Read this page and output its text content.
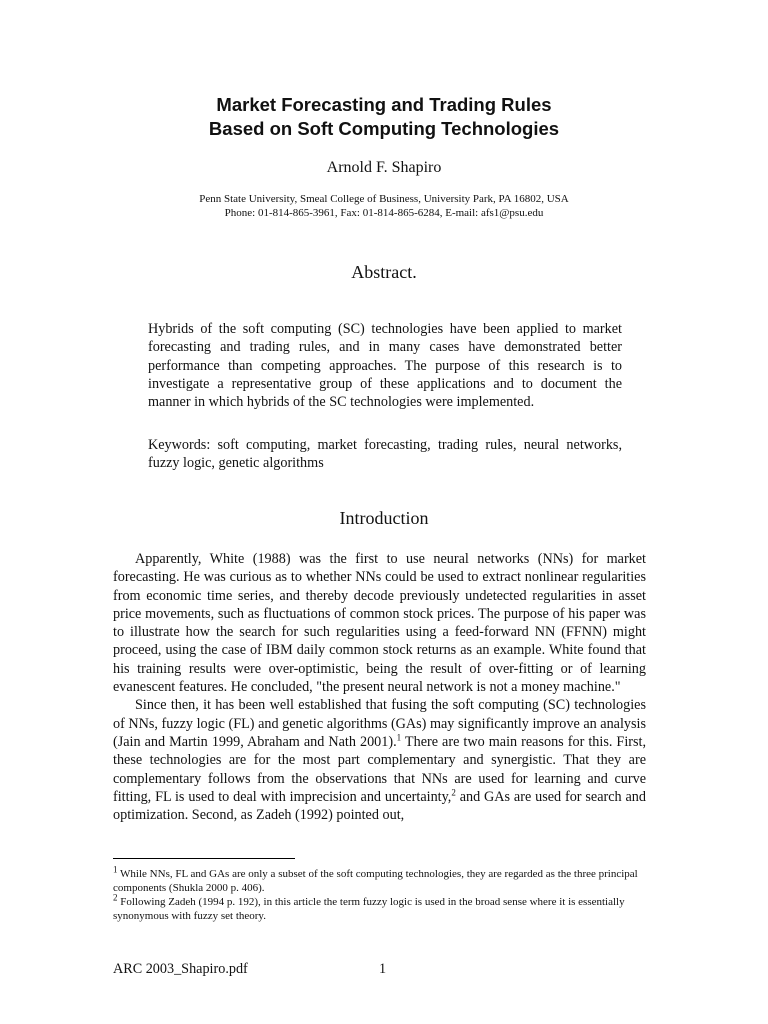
Market Forecasting and Trading Rules
Based on Soft Computing Technologies
Arnold F. Shapiro
Penn State University, Smeal College of Business, University Park, PA 16802, USA
Phone: 01-814-865-3961, Fax: 01-814-865-6284, E-mail: afs1@psu.edu
Abstract.
Hybrids of the soft computing (SC) technologies have been applied to market forecasting and trading rules, and in many cases have demonstrated better performance than competing approaches. The purpose of this research is to investigate a representative group of these applications and to document the manner in which hybrids of the SC technologies were implemented.
Keywords: soft computing, market forecasting, trading rules, neural networks, fuzzy logic, genetic algorithms
Introduction

Apparently, White (1988) was the first to use neural networks (NNs) for market forecasting. He was curious as to whether NNs could be used to extract nonlinear regularities from economic time series, and thereby decode previously undetected regularities in asset price movements, such as fluctuations of common stock prices. The purpose of his paper was to illustrate how the search for such regularities using a feed-forward NN (FFNN) might proceed, using the case of IBM daily common stock returns as an example. White found that his training results were over-optimistic, being the result of over-fitting or of learning evanescent features. He concluded, "the present neural network is not a money machine."

Since then, it has been well established that fusing the soft computing (SC) technologies of NNs, fuzzy logic (FL) and genetic algorithms (GAs) may significantly improve an analysis (Jain and Martin 1999, Abraham and Nath 2001).$^1$ There are two main reasons for this. First, these technologies are for the most part complementary and synergistic. That they are complementary follows from the observations that NNs are used for learning and curve fitting, FL is used to deal with imprecision and uncertainty,$^2$ and GAs are used for search and optimization. Second, as Zadeh (1992) pointed out,

$^1$ While NNs, FL and GAs are only a subset of the soft computing technologies, they are regarded as the three principal components (Shukla 2000 p. 406).
$^2$ Following Zadeh (1994 p. 192), in this article the term fuzzy logic is used in the broad sense where it is essentially synonymous with fuzzy set theory.
ARC 2003_Shapiro.pdf	1
